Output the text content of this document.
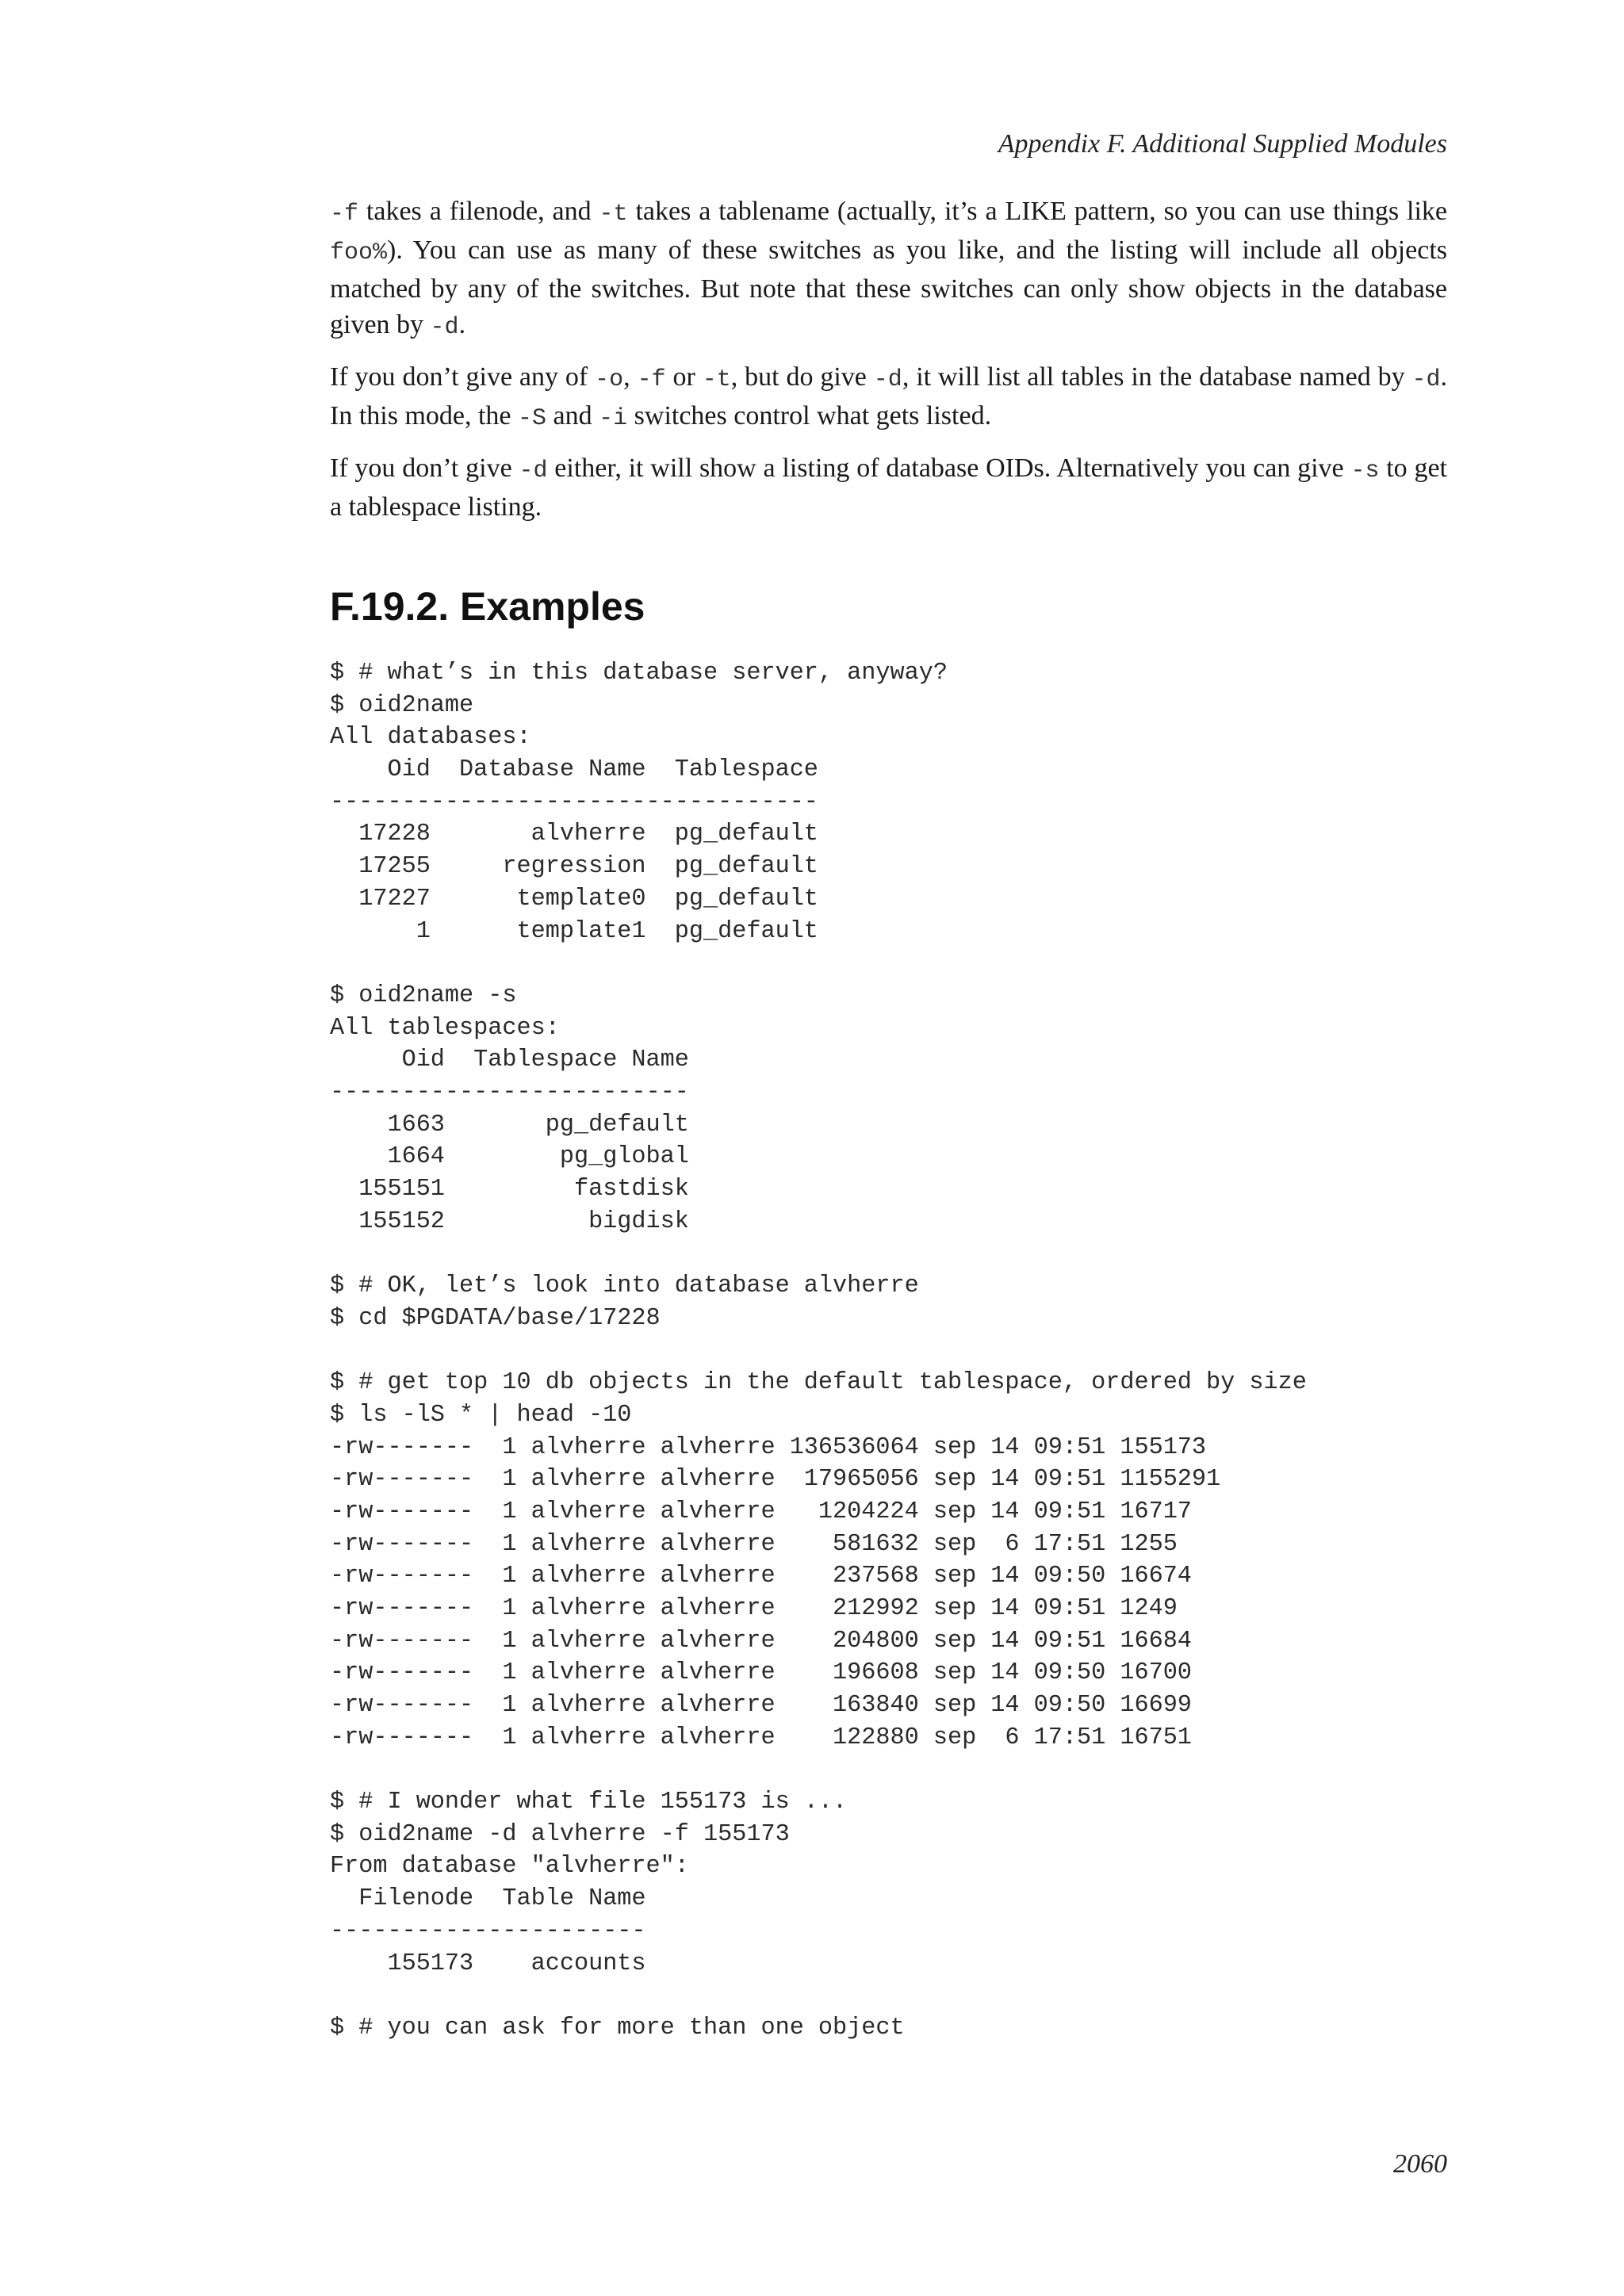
Appendix F. Additional Supplied Modules

-f takes a filenode, and -t takes a tablename (actually, it’s a LIKE pattern, so you can use things like foo%). You can use as many of these switches as you like, and the listing will include all objects matched by any of the switches. But note that these switches can only show objects in the database given by -d.

If you don’t give any of -o, -f or -t, but do give -d, it will list all tables in the database named by -d. In this mode, the -S and -i switches control what gets listed.

If you don’t give -d either, it will show a listing of database OIDs. Alternatively you can give -s to get a tablespace listing.

F.19.2. Examples
$ # what’s in this database server, anyway?
$ oid2name
All databases:
Oid  Database Name  Tablespace
----------------------------------
17228       alvherre  pg_default
17255     regression  pg_default
17227      template0  pg_default
1      template1  pg_default
$ oid2name -s
All tablespaces:
Oid  Tablespace Name
-------------------------
1663       pg_default
1664        pg_global
155151         fastdisk
155152          bigdisk
$ # OK, let’s look into database alvherre
$ cd $PGDATA/base/17228
$ # get top 10 db objects in the default tablespace, ordered by size
$ ls -lS * | head -10
-rw-------  1 alvherre alvherre 136536064 sep 14 09:51 155173
-rw-------  1 alvherre alvherre  17965056 sep 14 09:51 1155291
-rw-------  1 alvherre alvherre   1204224 sep 14 09:51 16717
-rw-------  1 alvherre alvherre    581632 sep  6 17:51 1255
-rw-------  1 alvherre alvherre    237568 sep 14 09:50 16674
-rw-------  1 alvherre alvherre    212992 sep 14 09:51 1249
-rw-------  1 alvherre alvherre    204800 sep 14 09:51 16684
-rw-------  1 alvherre alvherre    196608 sep 14 09:50 16700
-rw-------  1 alvherre alvherre    163840 sep 14 09:50 16699
-rw-------  1 alvherre alvherre    122880 sep  6 17:51 16751
$ # I wonder what file 155173 is ...
$ oid2name -d alvherre -f 155173
From database "alvherre":
Filenode  Table Name
----------------------
155173    accounts
$ # you can ask for more than one object
2060
